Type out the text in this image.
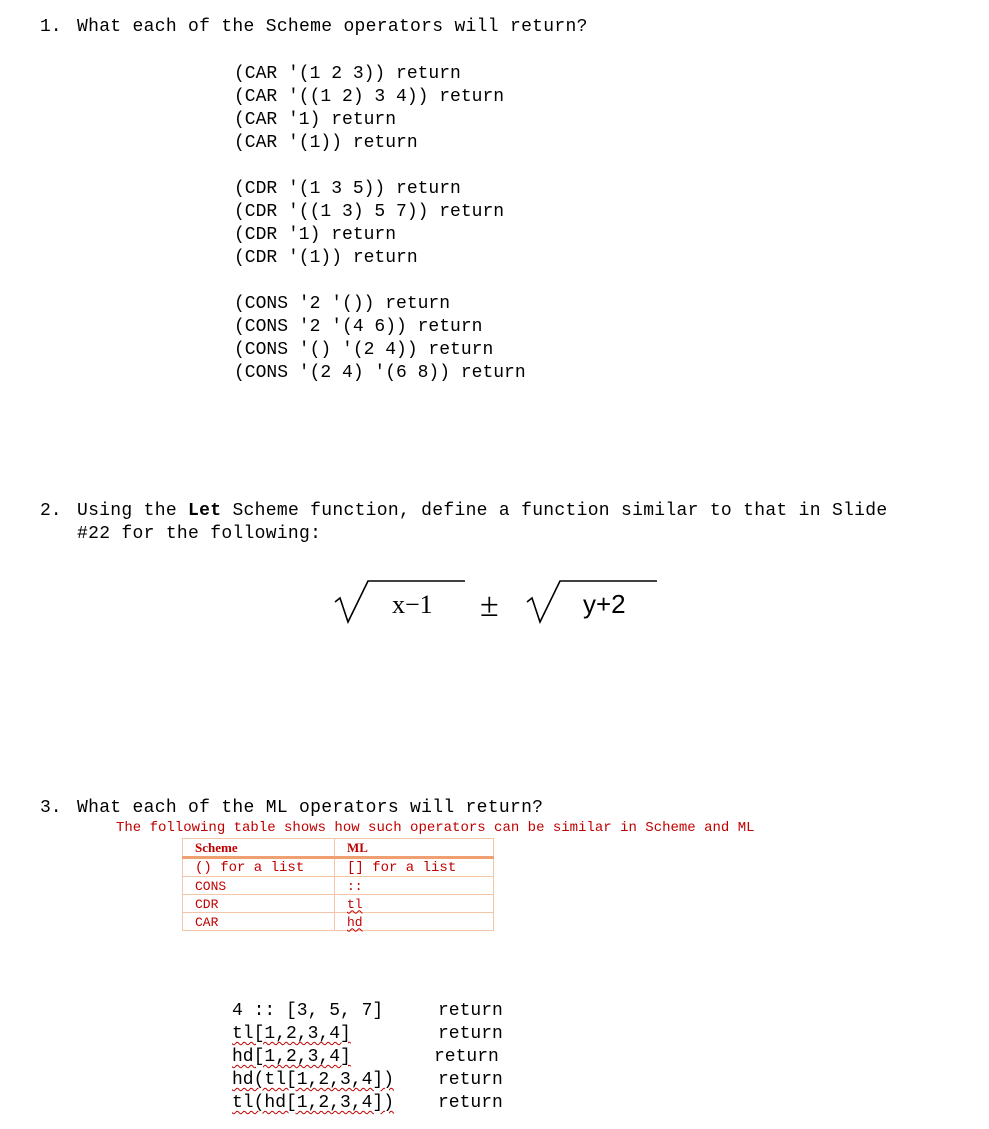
1. What each of the Scheme operators will return?
(CAR '(1 2 3)) return
(CAR '((1 2) 3 4)) return
(CAR '1) return
(CAR '(1)) return
(CDR '(1 3 5)) return
(CDR '((1 3) 5 7)) return
(CDR '1) return
(CDR '(1)) return
(CONS '2 '()) return
(CONS '2 '(4 6)) return
(CONS '() '(2 4)) return
(CONS '(2 4) '(6 8)) return
2. Using the Let Scheme function, define a function similar to that in Slide
#22 for the following:
x−1 ±	y+2
3. What each of the ML operators will return?
The following table shows how such operators can be similar in Scheme and ML
Scheme	ML
() for a list	[] for a list
CONS	::
CDR	tl
CAR	hd
4 :: [3, 5, 7]	return
tl[1,2,3,4]	return
hd[1,2,3,4]	return
hd(tl[1,2,3,4]) return
tl(hd[1,2,3,4]) return
